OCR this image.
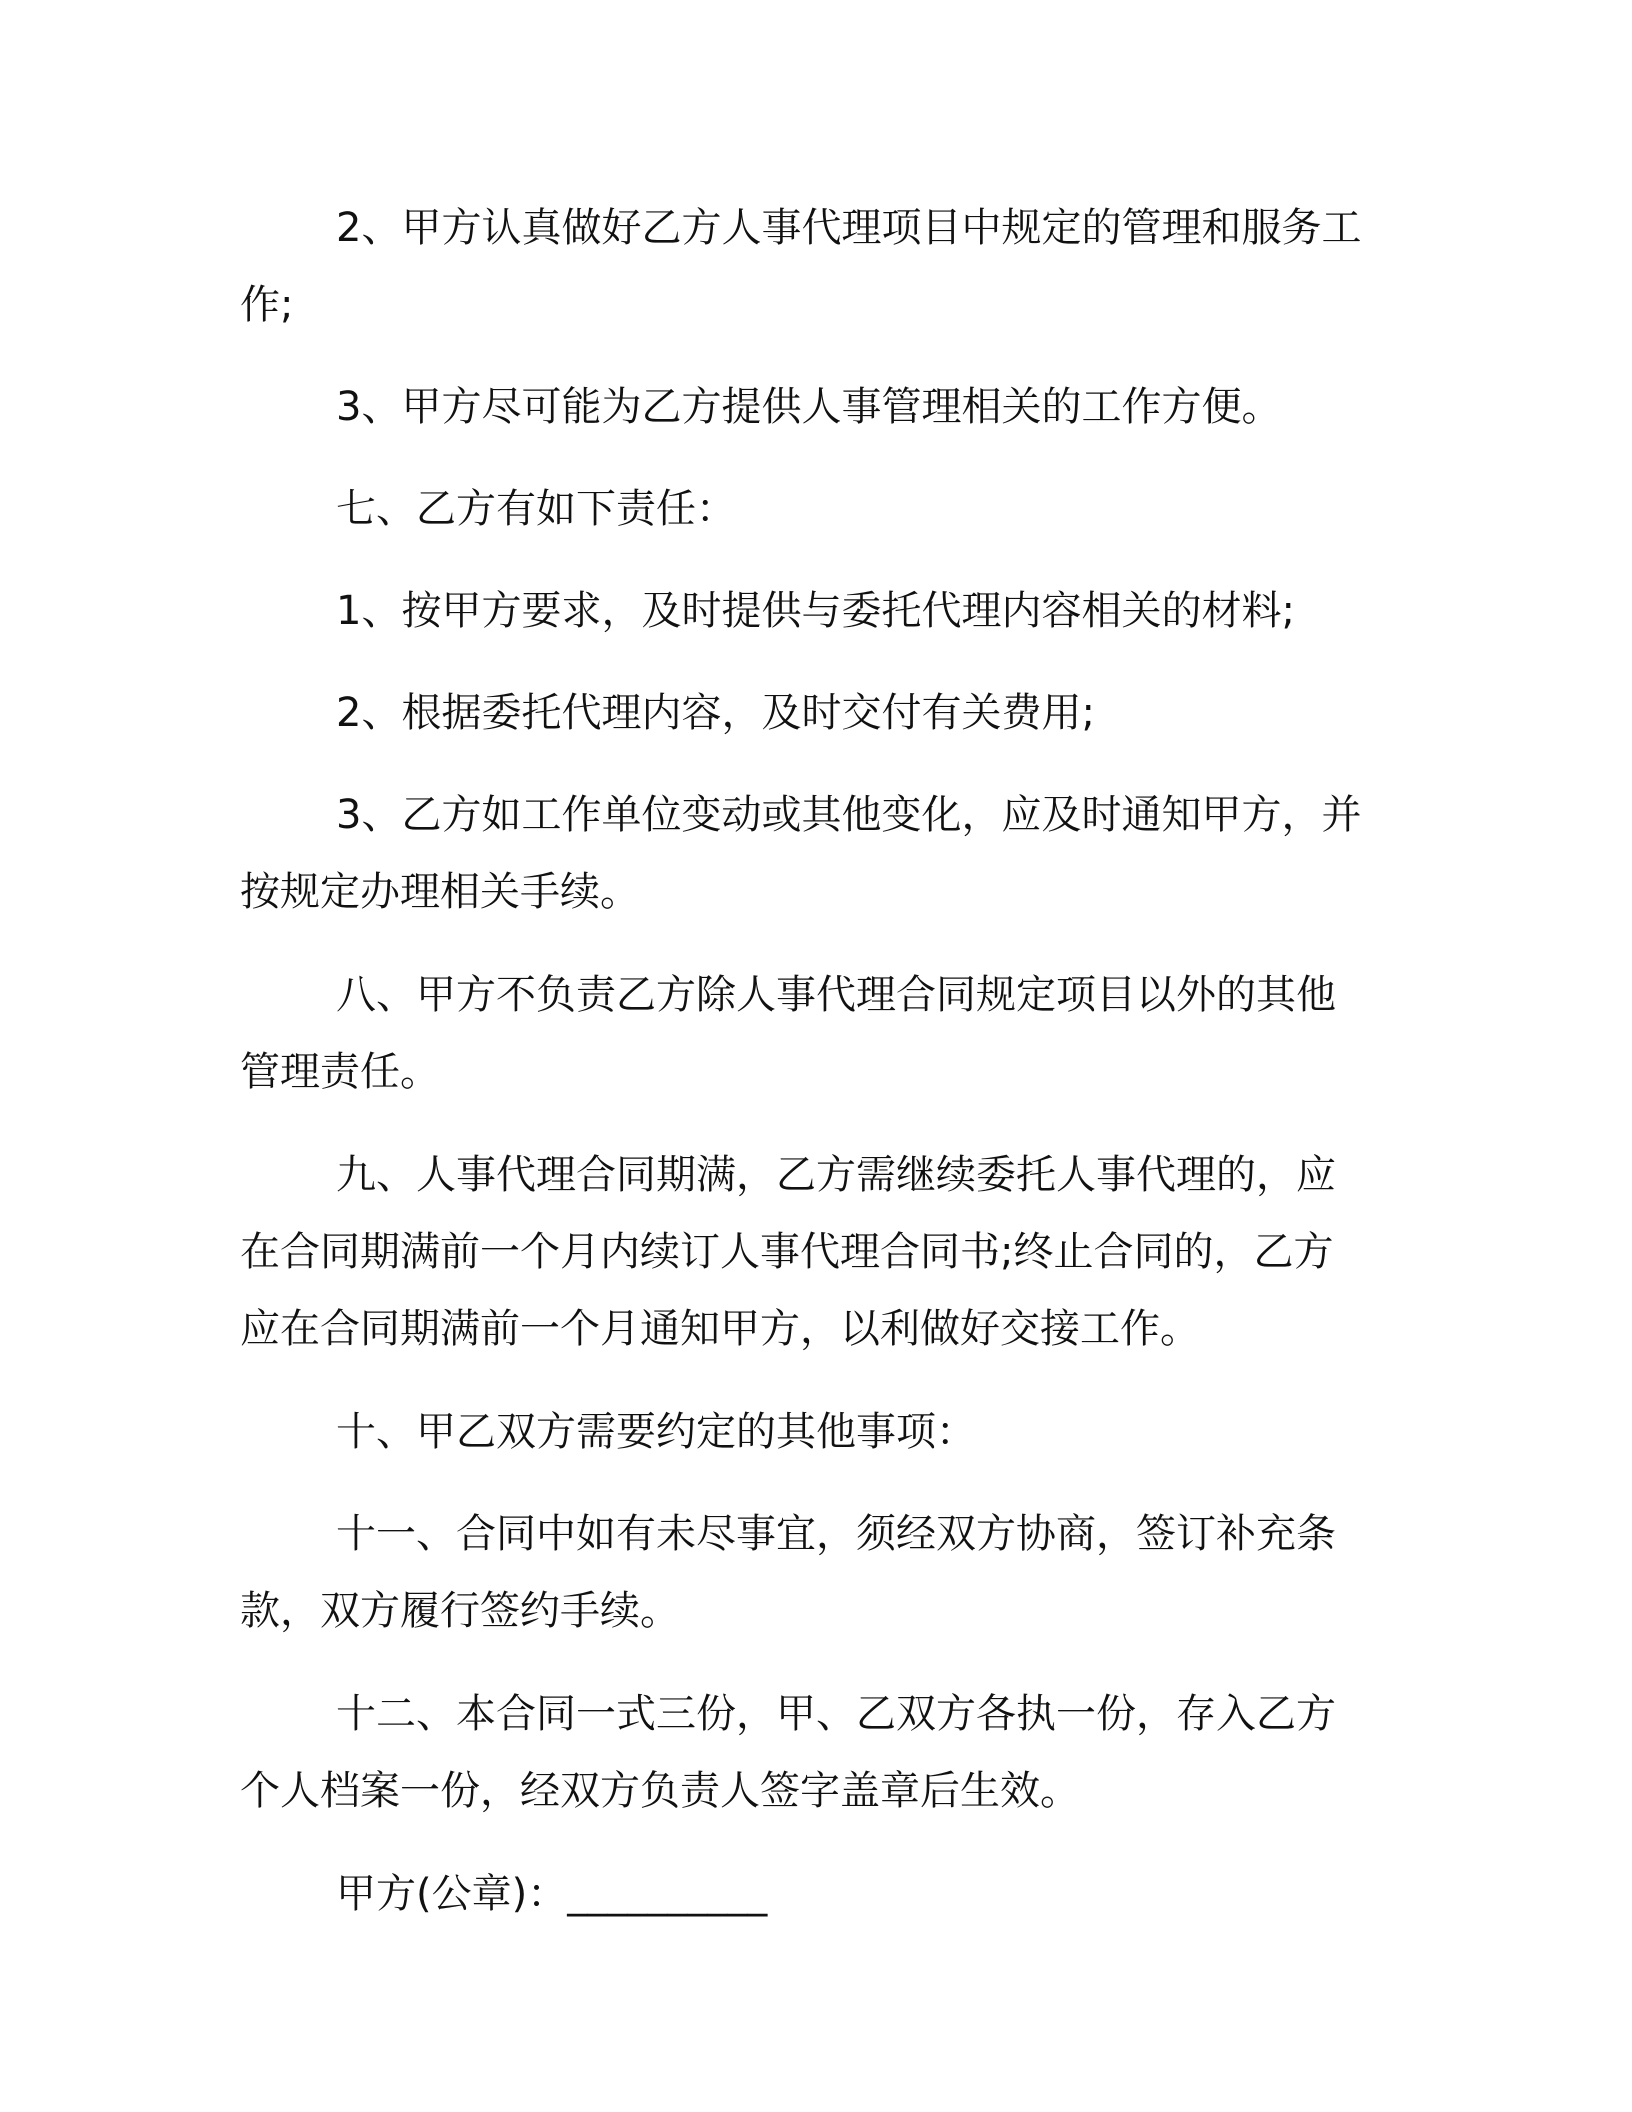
2、甲方认真做好乙方人事代理项目中规定的管理和服务工作;

3、甲方尽可能为乙方提供人事管理相关的工作方便。

七、乙方有如下责任：

1、按甲方要求，及时提供与委托代理内容相关的材料;

2、根据委托代理内容，及时交付有关费用;

3、乙方如工作单位变动或其他变化，应及时通知甲方，并按规定办理相关手续。

八、甲方不负责乙方除人事代理合同规定项目以外的其他管理责任。

九、人事代理合同期满，乙方需继续委托人事代理的，应在合同期满前一个月内续订人事代理合同书;终止合同的，乙方应在合同期满前一个月通知甲方，以利做好交接工作。

十、甲乙双方需要约定的其他事项：

十一、合同中如有未尽事宜，须经双方协商，签订补充条款，双方履行签约手续。

十二、本合同一式三份，甲、乙双方各执一份，存入乙方个人档案一份，经双方负责人签字盖章后生效。

甲方(公章)：__________
